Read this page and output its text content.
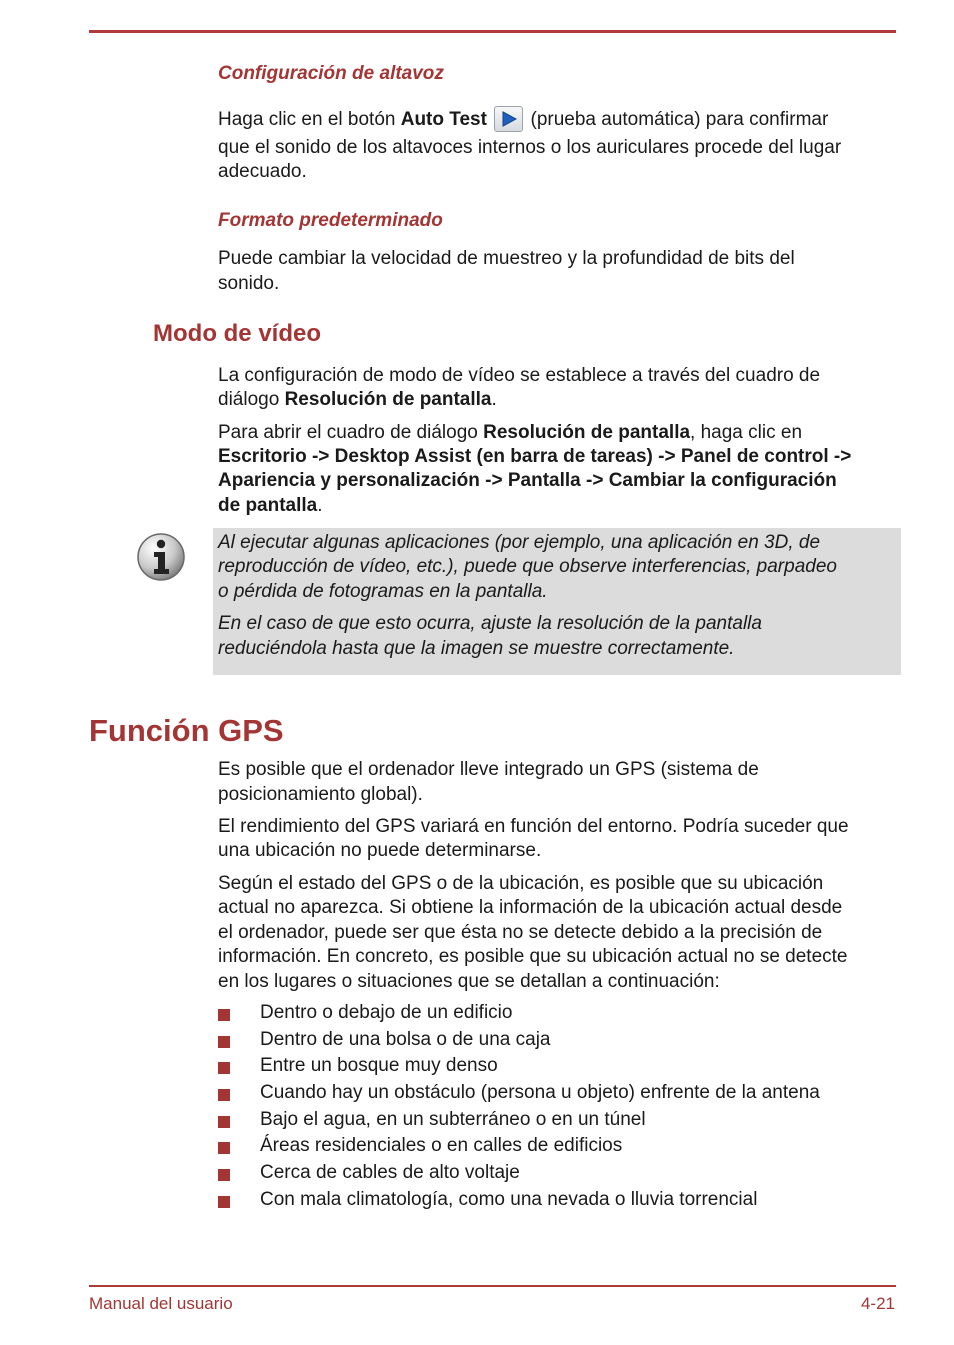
Configuración de altavoz
Haga clic en el botón Auto Test
(prueba automática) para confirmar
que el sonido de los altavoces internos o los auriculares procede del lugar
adecuado.
Formato predeterminado
Puede cambiar la velocidad de muestreo y la profundidad de bits del
sonido.
Modo de vídeo
La configuración de modo de vídeo se establece a través del cuadro de
diálogo Resolución de pantalla.
Para abrir el cuadro de diálogo Resolución de pantalla, haga clic en
Escritorio -> Desktop Assist (en barra de tareas) -> Panel de control ->
Apariencia y personalización -> Pantalla -> Cambiar la configuración
de pantalla.
Al ejecutar algunas aplicaciones (por ejemplo, una aplicación en 3D, de
reproducción de vídeo, etc.), puede que observe interferencias, parpadeo
o pérdida de fotogramas en la pantalla.
En el caso de que esto ocurra, ajuste la resolución de la pantalla
reduciéndola hasta que la imagen se muestre correctamente.
Función GPS
Es posible que el ordenador lleve integrado un GPS (sistema de
posicionamiento global).
El rendimiento del GPS variará en función del entorno. Podría suceder que
una ubicación no puede determinarse.
Según el estado del GPS o de la ubicación, es posible que su ubicación
actual no aparezca. Si obtiene la información de la ubicación actual desde
el ordenador, puede ser que ésta no se detecte debido a la precisión de
información. En concreto, es posible que su ubicación actual no se detecte
en los lugares o situaciones que se detallan a continuación:
Dentro o debajo de un edificio
Dentro de una bolsa o de una caja
Entre un bosque muy denso
Cuando hay un obstáculo (persona u objeto) enfrente de la antena
Bajo el agua, en un subterráneo o en un túnel
Áreas residenciales o en calles de edificios
Cerca de cables de alto voltaje
Con mala climatología, como una nevada o lluvia torrencial
Manual del usuario	4-21
